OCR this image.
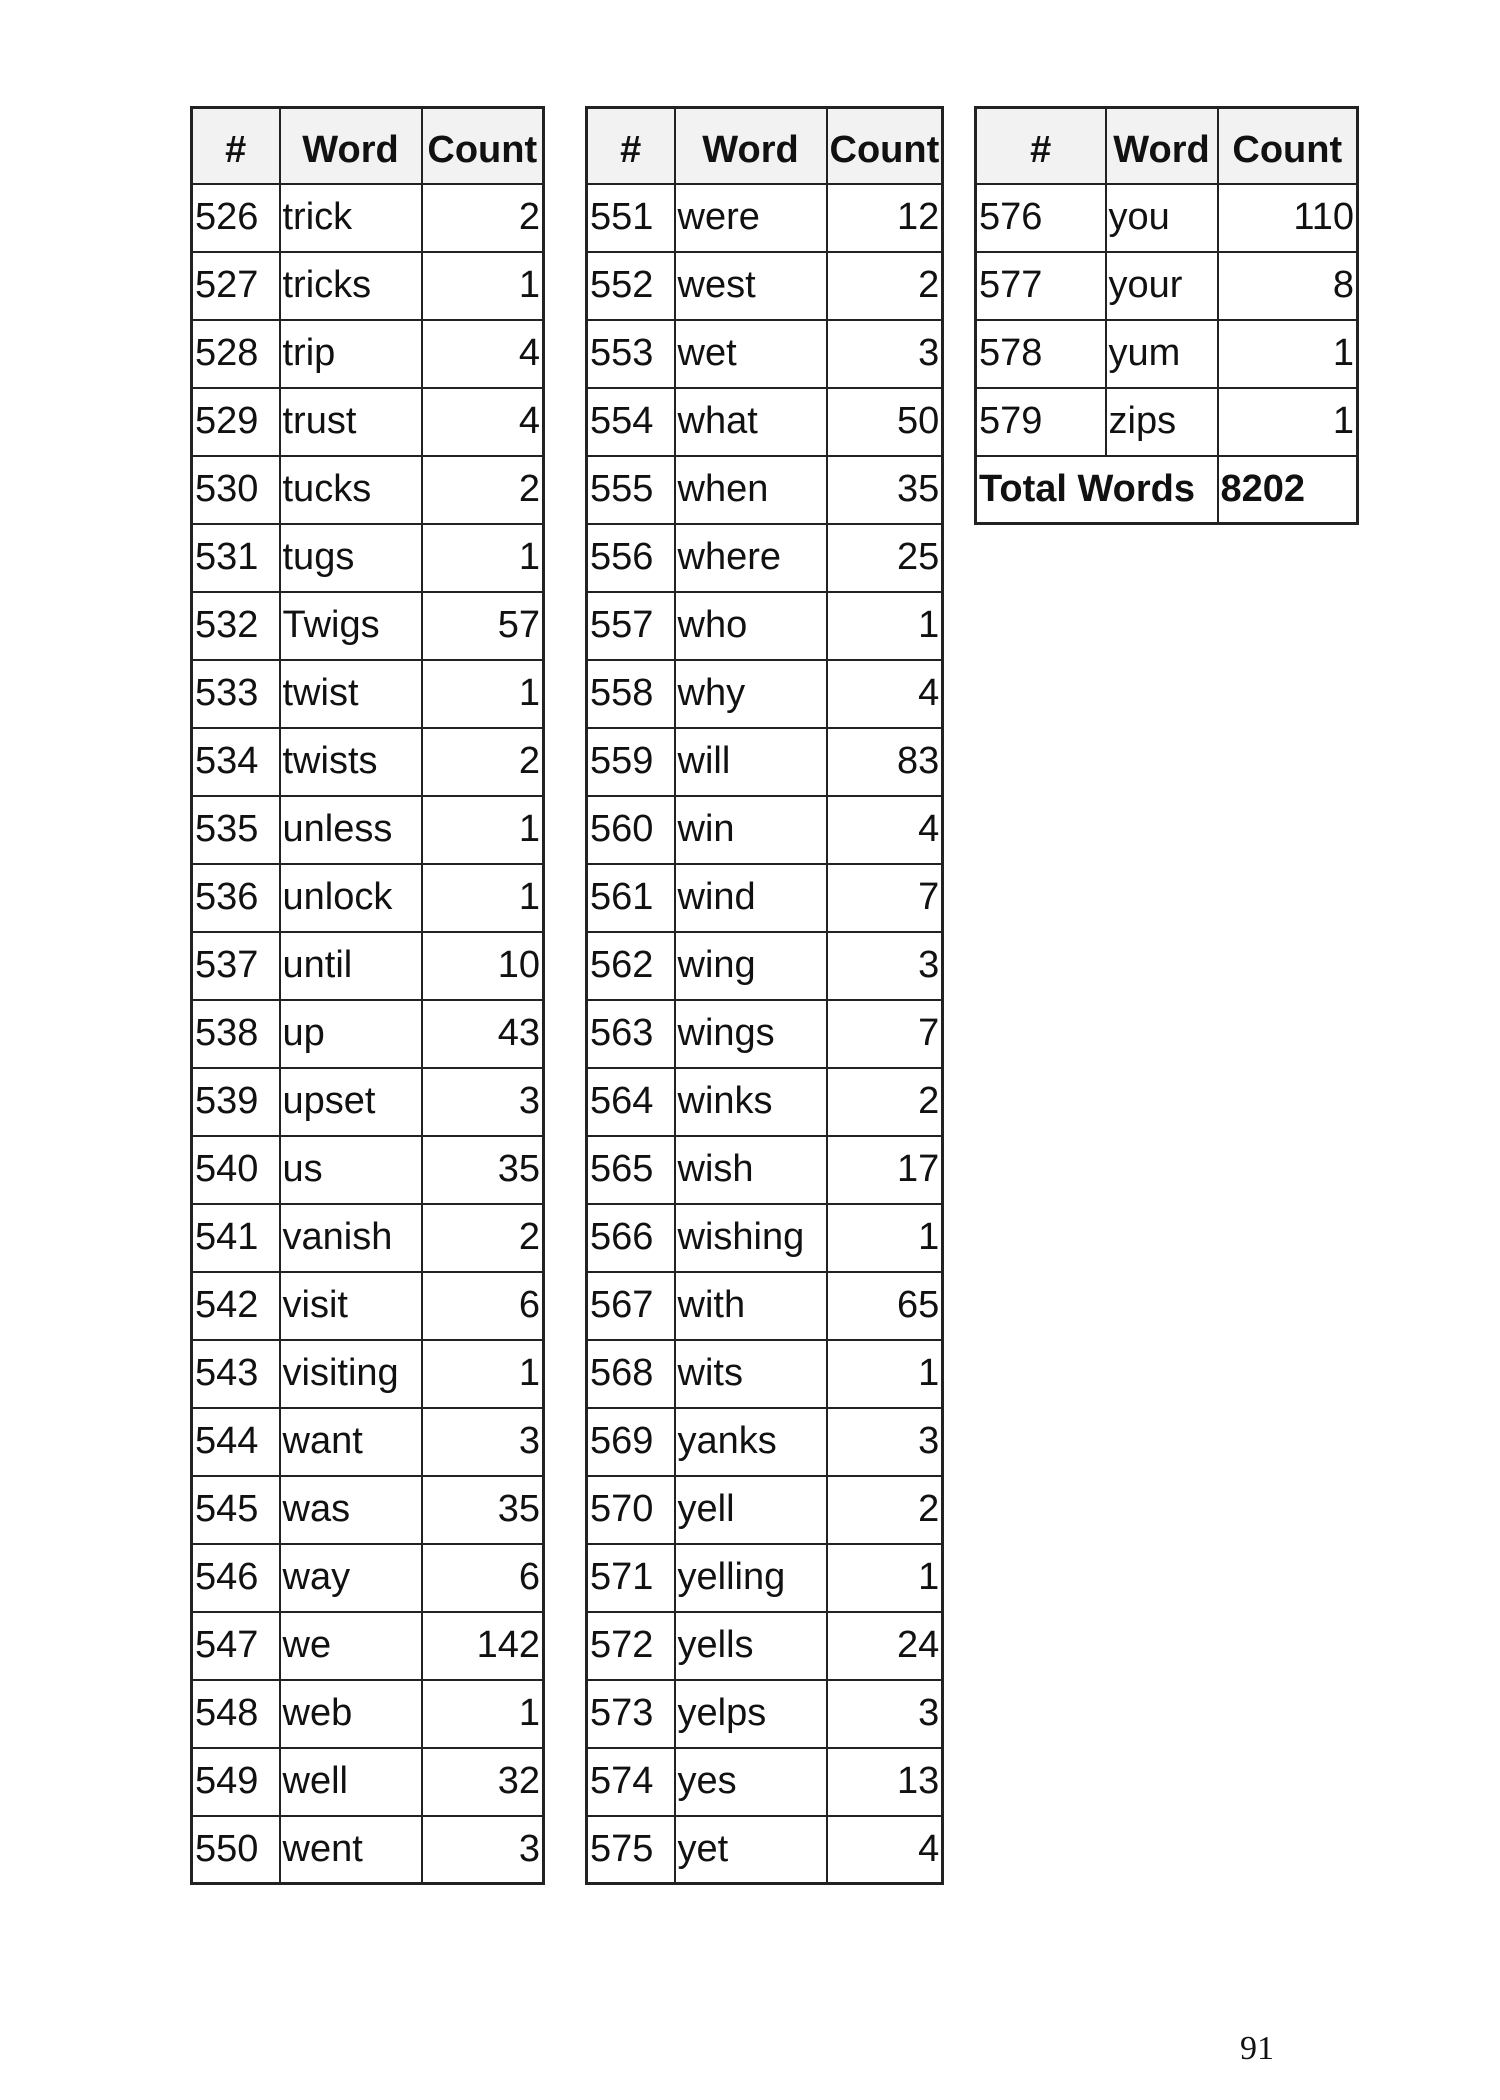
#	Word	Count
526	trick	2
527	tricks	1
528	trip	4
529	trust	4
530	tucks	2
531	tugs	1
532	Twigs	57
533	twist	1
534	twists	2
535	unless	1
536	unlock	1
537	until	10
538	up	43
539	upset	3
540	us	35
541	vanish	2
542	visit	6
543	visiting	1
544	want	3
545	was	35
546	way	6
547	we	142
548	web	1
549	well	32
550	went	3
#	Word	Count
551	were	12
552	west	2
553	wet	3
554	what	50
555	when	35
556	where	25
557	who	1
558	why	4
559	will	83
560	win	4
561	wind	7
562	wing	3
563	wings	7
564	winks	2
565	wish	17
566	wishing	1
567	with	65
568	wits	1
569	yanks	3
570	yell	2
571	yelling	1
572	yells	24
573	yelps	3
574	yes	13
575	yet	4
#	Word	Count
576	you	110
577	your	8
578	yum	1
579	zips	1
Total Words		8202
91
